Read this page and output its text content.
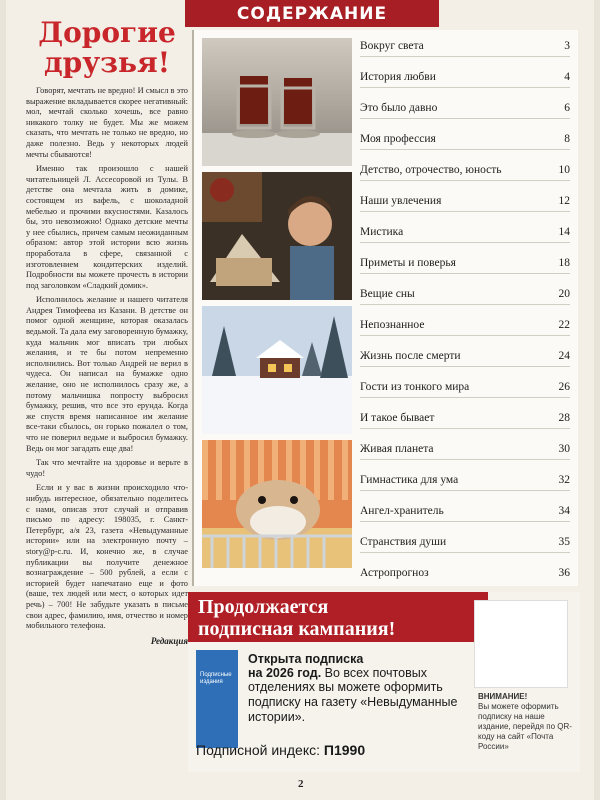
Дорогие
друзья!

Говорят, мечтать не вредно! И смысл в это выражение вкладывается скорее негативный: мол, мечтай сколько хочешь, все равно никакого толку не будет. Мы же можем сказать, что мечтать не только не вредно, но даже полезно. Ведь у некоторых людей мечты сбываются!

Именно так произошло с нашей читательницей Л. Ассесоровой из Тулы. В детстве она мечтала жить в домике, состоящем из вафель, с шоколадной мебелью и прочими вкусностями. Казалось бы, это невозможно! Однако детские мечты у нее сбылись, причем самым неожиданным образом: автор этой истории всю жизнь проработала в сфере, связанной с изготовлением кондитерских изделий. Подробности вы можете прочесть в истории под заголовком «Сладкий домик».

Исполнилось желание и нашего читателя Андрея Тимофеева из Казани. В детстве он помог одной женщине, которая оказалась ведьмой. Та дала ему заговоренную бумажку, куда мальчик мог вписать три любых желания, и те бы потом непременно исполнились. Вот только Андрей не верил в чудеса. Он написал на бумажке одно желание, оно не исполнилось сразу же, а потому мальчишка попросту выбросил бумажку, решив, что все это ерунда. Когда же спустя время написанное им желание все-таки сбылось, он горько пожалел о том, что не поверил ведьме и выбросил бумажку. Ведь он мог загадать еще два!

Так что мечтайте на здоровье и верьте в чудо!

Если и у вас в жизни происходило что-нибудь интересное, обязательно поделитесь с нами, описав этот случай и отправив письмо по адресу: 198035, г. Санкт-Петербург, а/я 23, газета «Невыдуманные истории» или на электронную почту – story@p-c.ru. И, конечно же, в случае публикации вы получите денежное вознаграждение – 500 рублей, а если с историей будет напечатано еще и фото (ваше, тех людей или мест, о которых идет речь) – 700! Не забудьте указать в письме свои адрес, фамилию, имя, отчество и номер мобильного телефона.

Редакция
СОДЕРЖАНИЕ
Вокруг света	3
История любви	4
Это было давно	6
Моя профессия	8
Детство, отрочество, юность	10
Наши увлечения	12
Мистика	14
Приметы и поверья	18
Вещие сны	20
Непознанное	22
Жизнь после смерти	24
Гости из тонкого мира	26
И такое бывает	28
Живая планета	30
Гимнастика для ума	32
Ангел-хранитель	34
Странствия души	35
Астропрогноз	36
Продолжается
подписная кампания!
Подписные издания
Открыта подписка
на 2026 год. Во всех почтовых
отделениях вы можете оформить подписку на газету «Невыдуманные истории».
Подписной индекс: П1990
ВНИМАНИЕ!
Вы можете оформить подписку на наше издание, перейдя по QR-коду на сайт «Почта России»
2
